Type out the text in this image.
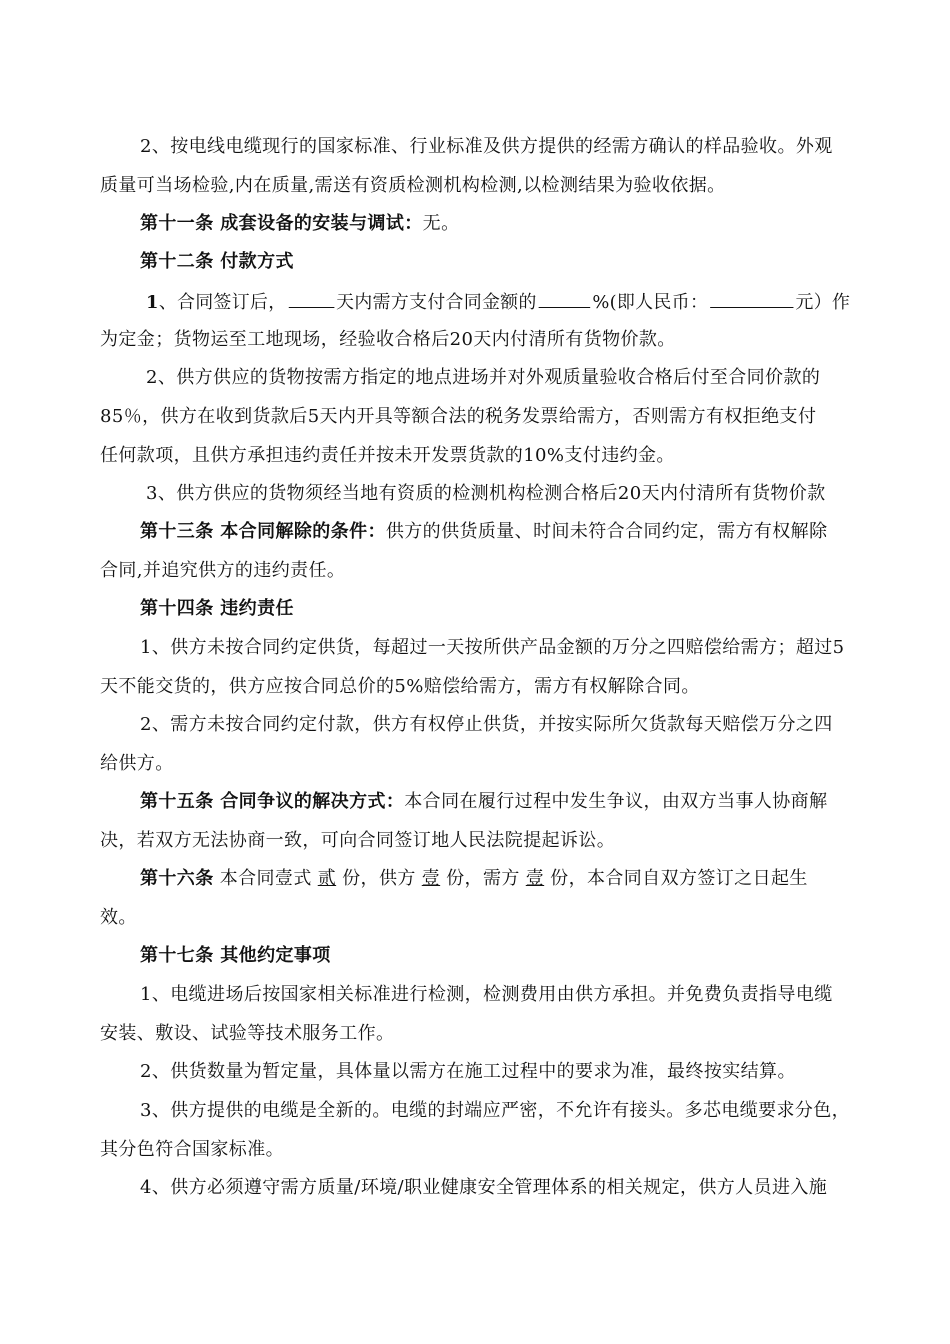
2、按电线电缆现行的国家标准、行业标准及供方提供的经需方确认的样品验收。外观
质量可当场检验,内在质量,需送有资质检测机构检测,以检测结果为验收依据。
第十一条 成套设备的安装与调试：无。
第十二条 付款方式
1、合同签订后，	天内需方支付合同金额的	%(即人民币：	元）作
为定金；货物运至工地现场，经验收合格后20天内付清所有货物价款。
2、供方供应的货物按需方指定的地点进场并对外观质量验收合格后付至合同价款的
85％，供方在收到货款后5天内开具等额合法的税务发票给需方，否则需方有权拒绝支付
任何款项，且供方承担违约责任并按未开发票货款的10%支付违约金。
3、供方供应的货物须经当地有资质的检测机构检测合格后20天内付清所有货物价款
第十三条 本合同解除的条件：供方的供货质量、时间未符合合同约定，需方有权解除
合同,并追究供方的违约责任。
第十四条 违约责任
1、供方未按合同约定供货，每超过一天按所供产品金额的万分之四赔偿给需方；超过5
天不能交货的，供方应按合同总价的5%赔偿给需方，需方有权解除合同。
2、需方未按合同约定付款，供方有权停止供货，并按实际所欠货款每天赔偿万分之四
给供方。
第十五条 合同争议的解决方式：本合同在履行过程中发生争议，由双方当事人协商解
决，若双方无法协商一致，可向合同签订地人民法院提起诉讼。
第十六条 本合同壹式 贰 份，供方 壹 份，需方 壹 份，本合同自双方签订之日起生
效。
第十七条 其他约定事项
1、电缆进场后按国家相关标准进行检测，检测费用由供方承担。并免费负责指导电缆
安装、敷设、试验等技术服务工作。
2、供货数量为暂定量，具体量以需方在施工过程中的要求为准，最终按实结算。
3、供方提供的电缆是全新的。电缆的封端应严密，不允许有接头。多芯电缆要求分色，
其分色符合国家标准。
4、供方必须遵守需方质量/环境/职业健康安全管理体系的相关规定，供方人员进入施
